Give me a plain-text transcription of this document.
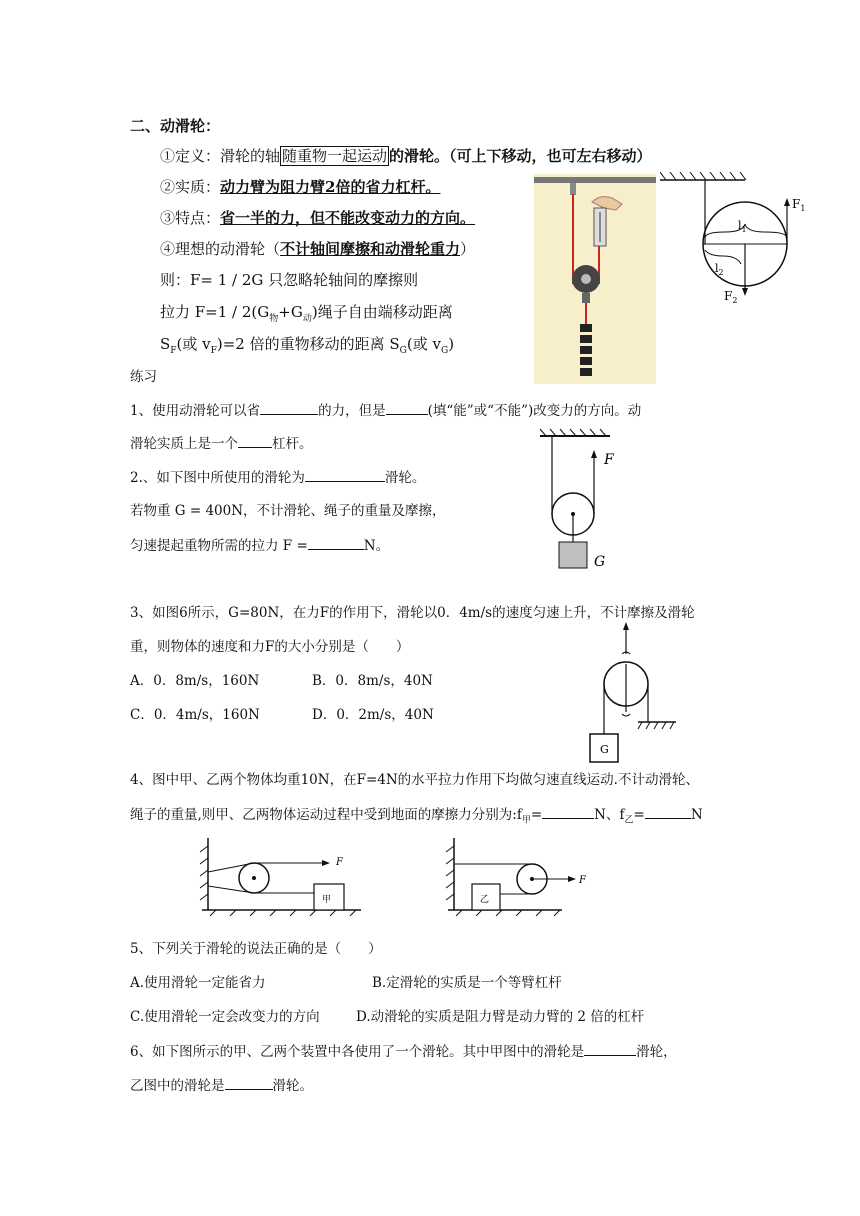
二、动滑轮：
①定义：滑轮的轴 随重物一起运动 的滑轮。（可上下移动，也可左右移动）
②实质：动力臂为阻力臂2倍的省力杠杆。
③特点：省一半的力，但不能改变动力的方向。
④理想的动滑轮（不计轴间摩擦和动滑轮重力）
则：F= 1 / 2G 只忽略轮轴间的摩擦则
拉力 $F=1 / 2(G_物+G_动)$绳子自由端移动距离
$S_F$(或 $v_F)=2$ 倍的重物移动的距离 $S_G$(或 $v_G$)
$F_1$
$l_1$
$l_2$
$F_2$
练习
1、使用动滑轮可以省	的力，但是	(填“能”或“不能”)改变力的方向。动
滑轮实质上是一个	杠杆。
2.、如下图中所使用的滑轮为	滑轮。
若物重 G = 400N，不计滑轮、绳子的重量及摩擦，
匀速提起重物所需的拉力 F =	N。
F
G
3、如图6所示，G=80N，在力F的作用下，滑轮以0．4m/s的速度匀速上升，不计摩擦及滑轮
重，则物体的速度和力F的大小分别是（　　）
A．0．8m/s，160N	B．0．8m/s，40N
C．0．4m/s，160N	D．0．2m/s，40N
G
4、图中甲、乙两个物体均重10N，在F=4N的水平拉力作用下均做匀速直线运动.不计动滑轮、
绳子的重量,则甲、乙两物体运动过程中受到地面的摩擦力分别为$:f_甲=$	N、$f_乙=$	N
F
甲
F
乙
5、下列关于滑轮的说法正确的是（　　）
A.使用滑轮一定能省力	B.定滑轮的实质是一个等臂杠杆
C.使用滑轮一定会改变力的方向	D.动滑轮的实质是阻力臂是动力臂的 2 倍的杠杆
6、如下图所示的甲、乙两个装置中各使用了一个滑轮。其中甲图中的滑轮是	滑轮，
乙图中的滑轮是	滑轮。
